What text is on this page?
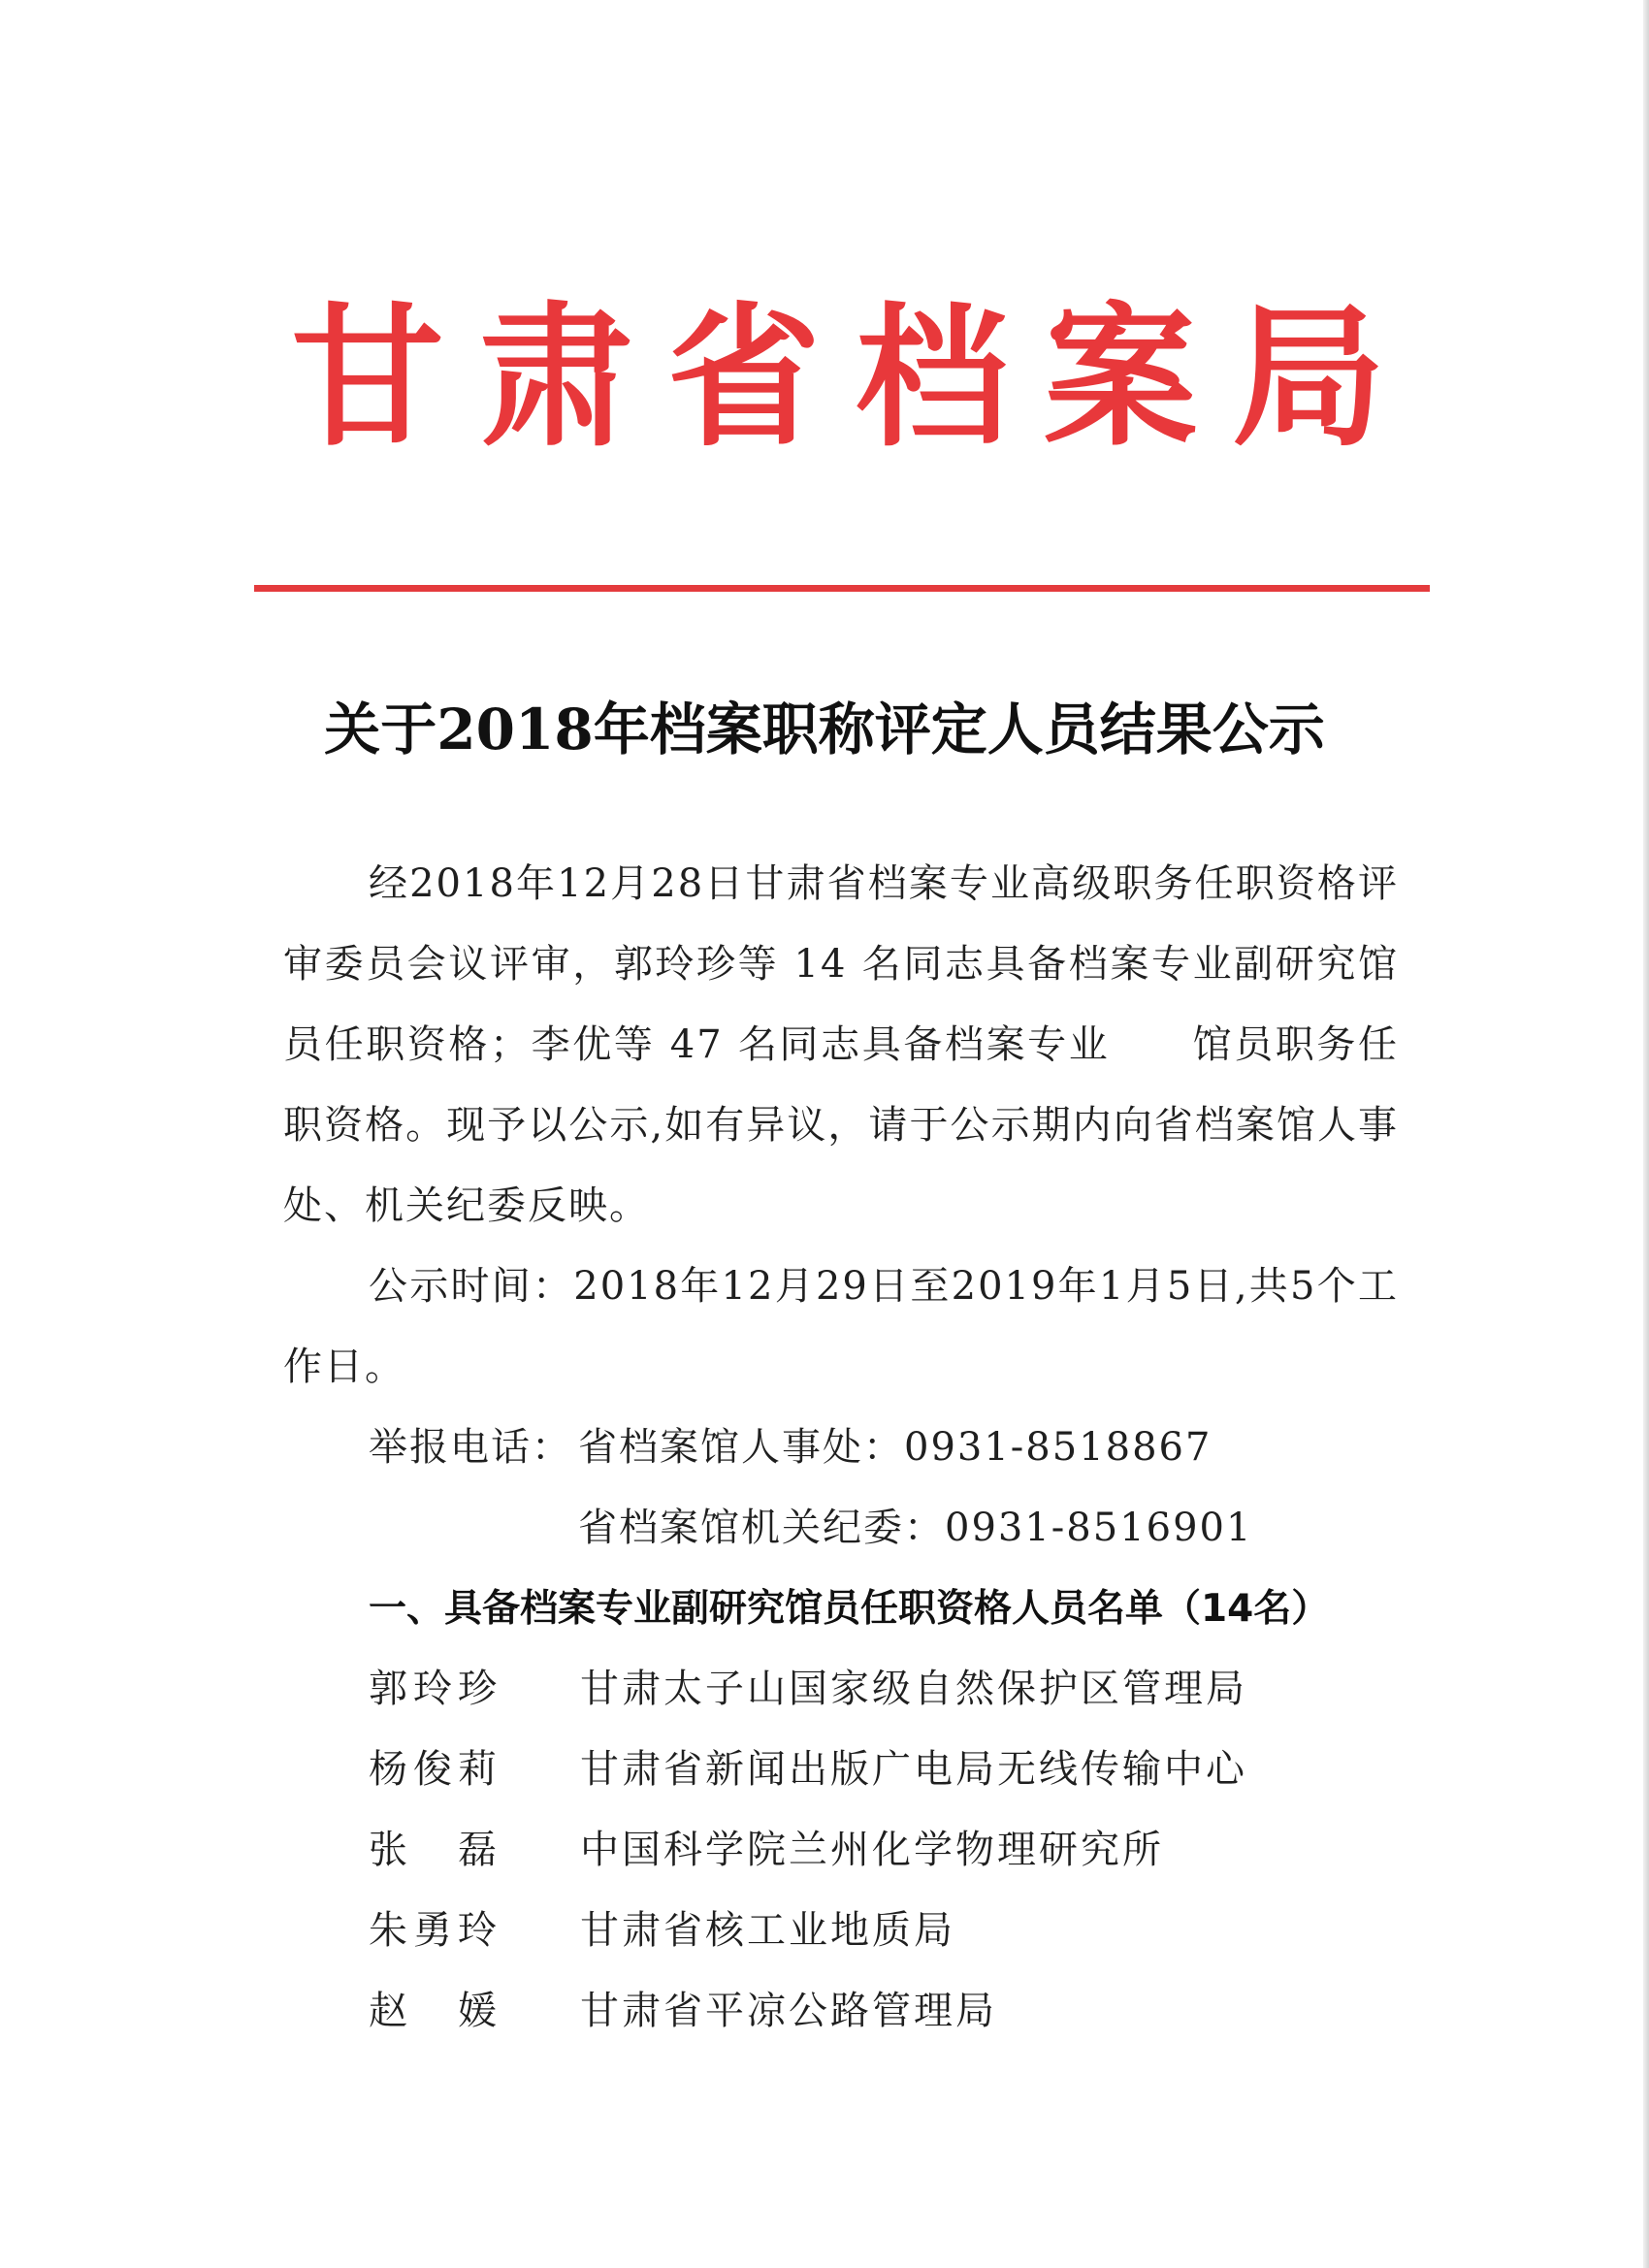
甘肃省档案局
关于2018年档案职称评定人员结果公示

经2018年12月28日甘肃省档案专业高级职务任职资格评审委员会议评审，郭玲珍等 14 名同志具备档案专业副研究馆员任职资格；李优等 47 名同志具备档案专业　　馆员职务任职资格。现予以公示,如有异议，请于公示期内向省档案馆人事处、机关纪委反映。

公示时间：2018年12月29日至2019年1月5日,共5个工作日。

举报电话： 省档案馆人事处：0931-8518867
省档案馆机关纪委：0931-8516901
一、具备档案专业副研究馆员任职资格人员名单（14名）
郭玲珍 甘肃太子山国家级自然保护区管理局
杨俊莉 甘肃省新闻出版广电局无线传输中心
张　磊 中国科学院兰州化学物理研究所
朱勇玲 甘肃省核工业地质局
赵　媛 甘肃省平凉公路管理局
